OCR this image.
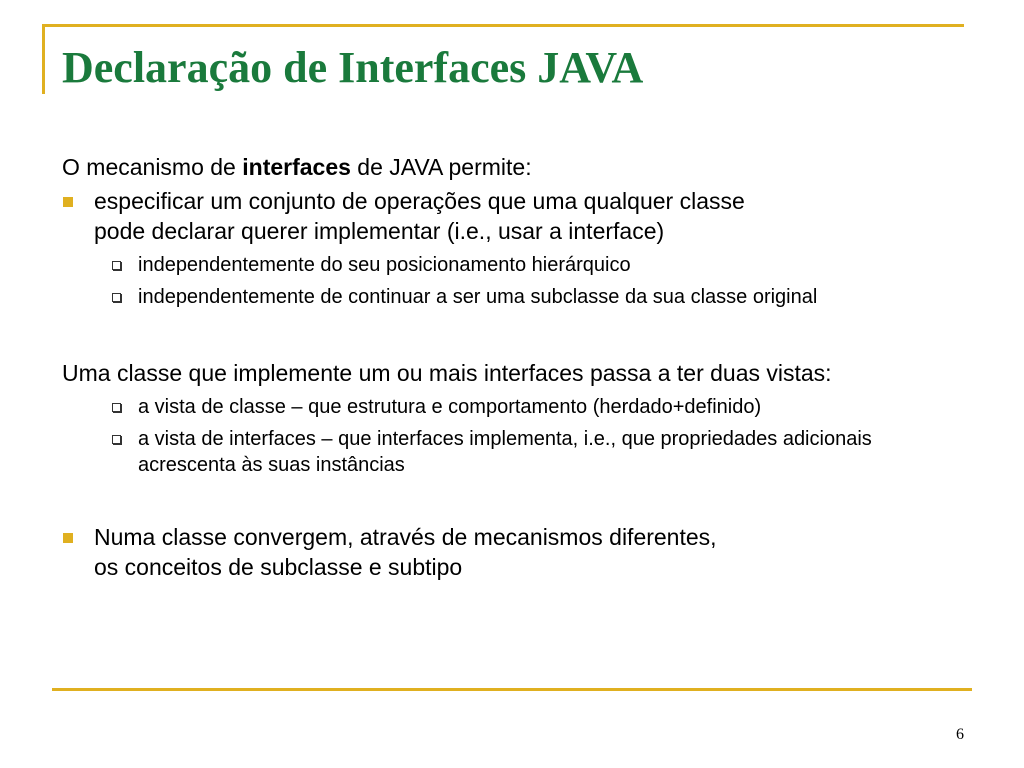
Declaração de Interfaces JAVA

O mecanismo de interfaces de JAVA permite:

especificar um conjunto de operações que uma qualquer classe
pode declarar querer implementar (i.e., usar a interface)
independentemente do seu posicionamento hierárquico
independentemente de continuar a ser uma subclasse da sua classe original

Uma classe que implemente um ou mais interfaces passa a ter duas vistas:

a vista de classe – que estrutura e comportamento (herdado+definido)
a vista de interfaces – que interfaces implementa, i.e., que propriedades adicionais acrescenta às suas instâncias
Numa classe convergem, através de mecanismos diferentes,
os conceitos de subclasse e subtipo
6
